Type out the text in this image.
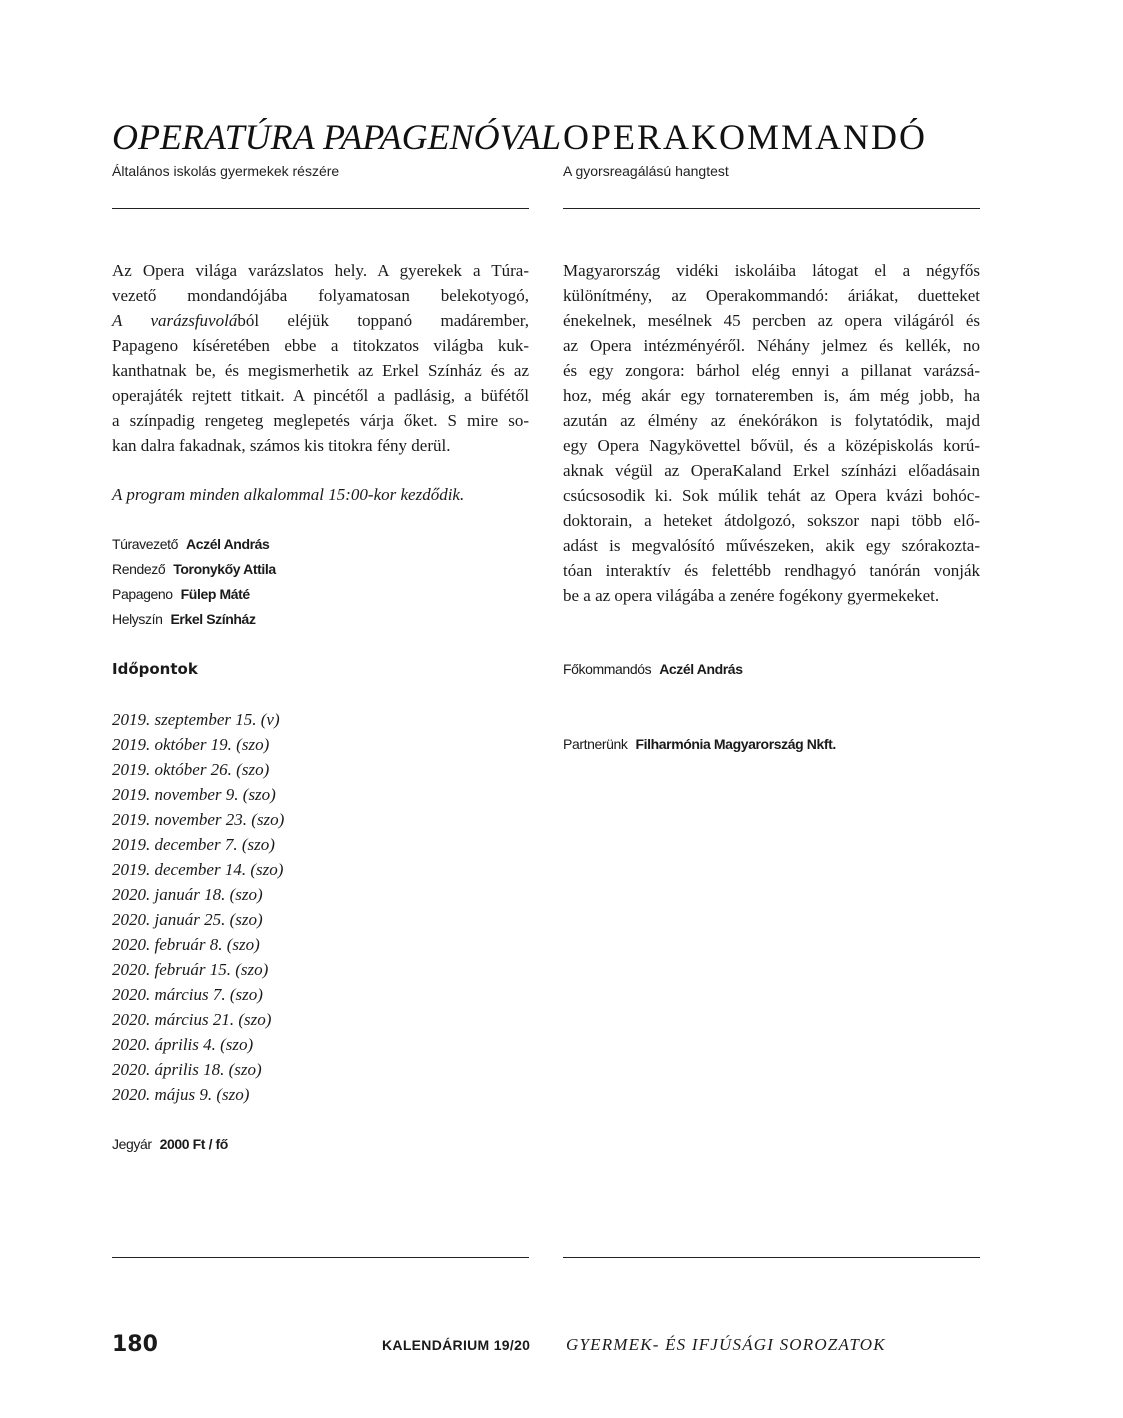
OPERATÚRA PAPAGENÓVAL
Általános iskolás gyermekek részére
Az Opera világa varázslatos hely. A gyerekek a Túra-
vezető mondandójába folyamatosan belekotyogó,
A varázsfuvolából eléjük toppanó madárember,
Papageno kíséretében ebbe a titokzatos világba kuk-
kanthatnak be, és megismerhetik az Erkel Színház és az
operajáték rejtett titkait. A pincétől a padlásig, a büfétől
a színpadig rengeteg meglepetés várja őket. S mire so-
kan dalra fakadnak, számos kis titokra fény derül.
A program minden alkalommal 15:00-kor kezdődik.
Túravezető Aczél András
Rendező Toronykőy Attila
Papageno Fülep Máté
Helyszín Erkel Színház
Időpontok
2019. szeptember 15. (v)
2019. október 19. (szo)
2019. október 26. (szo)
2019. november 9. (szo)
2019. november 23. (szo)
2019. december 7. (szo)
2019. december 14. (szo)
2020. január 18. (szo)
2020. január 25. (szo)
2020. február 8. (szo)
2020. február 15. (szo)
2020. március 7. (szo)
2020. március 21. (szo)
2020. április 4. (szo)
2020. április 18. (szo)
2020. május 9. (szo)
Jegyár 2000 Ft / fő
OPERAKOMMANDÓ
A gyorsreagálású hangtest
Magyarország vidéki iskoláiba látogat el a négyfős
különítmény, az Operakommandó: áriákat, duetteket
énekelnek, mesélnek 45 percben az opera világáról és
az Opera intézményéről. Néhány jelmez és kellék, no
és egy zongora: bárhol elég ennyi a pillanat varázsá-
hoz, még akár egy tornateremben is, ám még jobb, ha
azután az élmény az énekórákon is folytatódik, majd
egy Opera Nagykövettel bővül, és a középiskolás korú-
aknak végül az OperaKaland Erkel színházi előadásain
csúcsosodik ki. Sok múlik tehát az Opera kvázi bohóc-
doktorain, a heteket átdolgozó, sokszor napi több elő-
adást is megvalósító művészeken, akik egy szórakozta-
tóan interaktív és felettébb rendhagyó tanórán vonják
be a az opera világába a zenére fogékony gyermekeket.
Főkommandós Aczél András
Partnerünk Filharmónia Magyarország Nkft.
180	KALENDÁRIUM 19/20 GYERMEK- ÉS IFJÚSÁGI SOROZATOK
